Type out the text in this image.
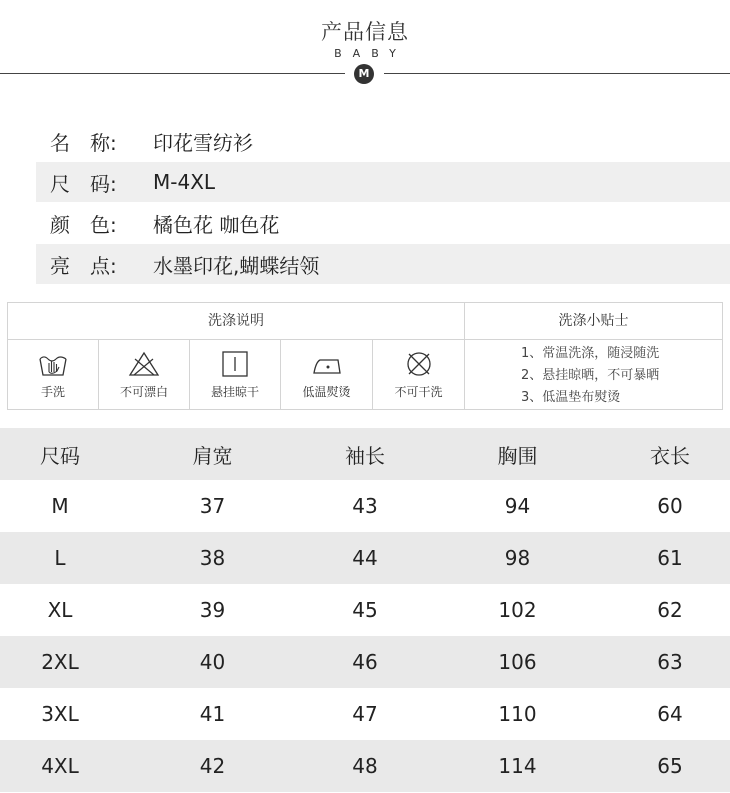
产品信息
BABY
M
名　称:	印花雪纺衫
尺　码:	M-4XL
颜　色:	橘色花 咖色花
亮　点:	水墨印花,蝴蝶结领
洗涤说明
手洗	不可漂白	悬挂晾干	低温熨烫	不可干洗
洗涤小贴士
1、常温洗涤，随浸随洗
2、悬挂晾晒，不可暴晒
3、低温垫布熨烫
尺码	肩宽	袖长	胸围	衣长
M	37	43	94	60
L	38	44	98	61
XL	39	45	102	62
2XL	40	46	106	63
3XL	41	47	110	64
4XL	42	48	114	65
